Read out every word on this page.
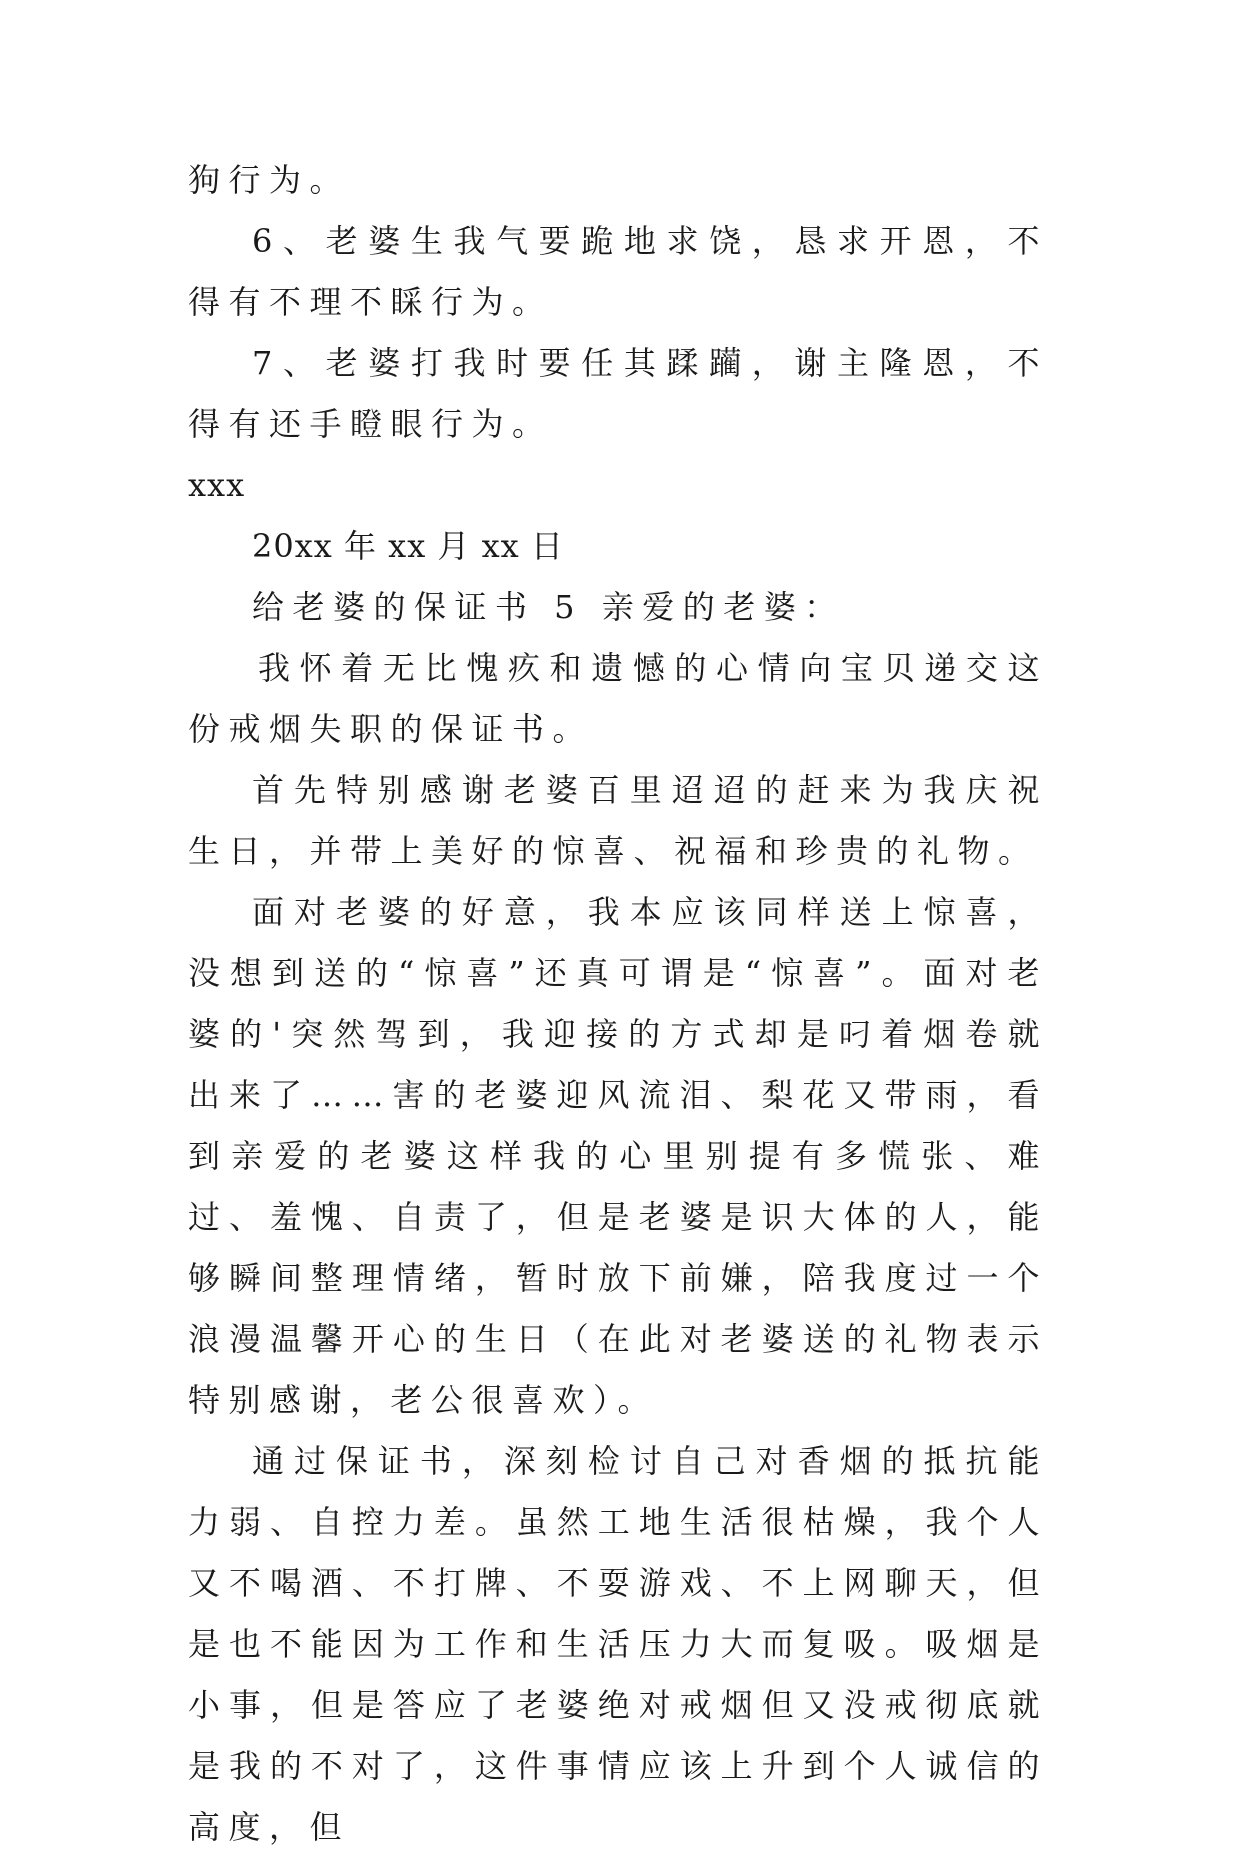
狗行为。

6、老婆生我气要跪地求饶，恳求开恩，不得有不理不睬行为。

7、老婆打我时要任其蹂躏，谢主隆恩，不得有还手瞪眼行为。

xxx

20xx 年 xx 月 xx 日

给老婆的保证书 5 亲爱的老婆：

我怀着无比愧疚和遗憾的心情向宝贝递交这份戒烟失职的保证书。

首先特别感谢老婆百里迢迢的赶来为我庆祝生日，并带上美好的惊喜、祝福和珍贵的礼物。

面对老婆的好意，我本应该同样送上惊喜，没想到送的“惊喜”还真可谓是“惊喜”。面对老婆的'突然驾到，我迎接的方式却是叼着烟卷就出来了……害的老婆迎风流泪、梨花又带雨，看到亲爱的老婆这样我的心里别提有多慌张、难过、羞愧、自责了，但是老婆是识大体的人，能够瞬间整理情绪，暂时放下前嫌，陪我度过一个浪漫温馨开心的生日（在此对老婆送的礼物表示特别感谢，老公很喜欢）。

通过保证书，深刻检讨自己对香烟的抵抗能力弱、自控力差。虽然工地生活很枯燥，我个人又不喝酒、不打牌、不耍游戏、不上网聊天，但是也不能因为工作和生活压力大而复吸。吸烟是小事，但是答应了老婆绝对戒烟但又没戒彻底就是我的不对了，这件事情应该上升到个人诚信的高度，但
